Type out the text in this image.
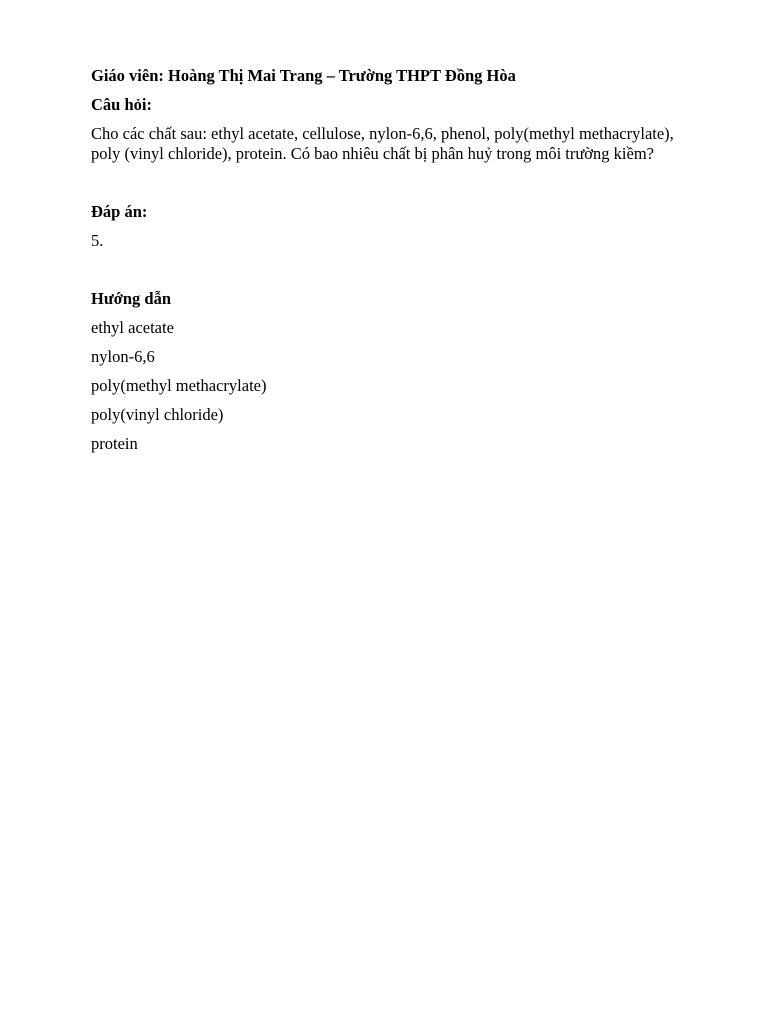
Giáo viên: Hoàng Thị Mai Trang – Trường THPT Đồng Hòa

Câu hỏi:

Cho các chất sau: ethyl acetate, cellulose, nylon-6,6, phenol, poly(methyl methacrylate), poly (vinyl chloride), protein. Có bao nhiêu chất bị phân huỷ trong môi trường kiềm?

Đáp án:

5.

Hướng dẫn

ethyl acetate

nylon-6,6

poly(methyl methacrylate)

poly(vinyl chloride)

protein
